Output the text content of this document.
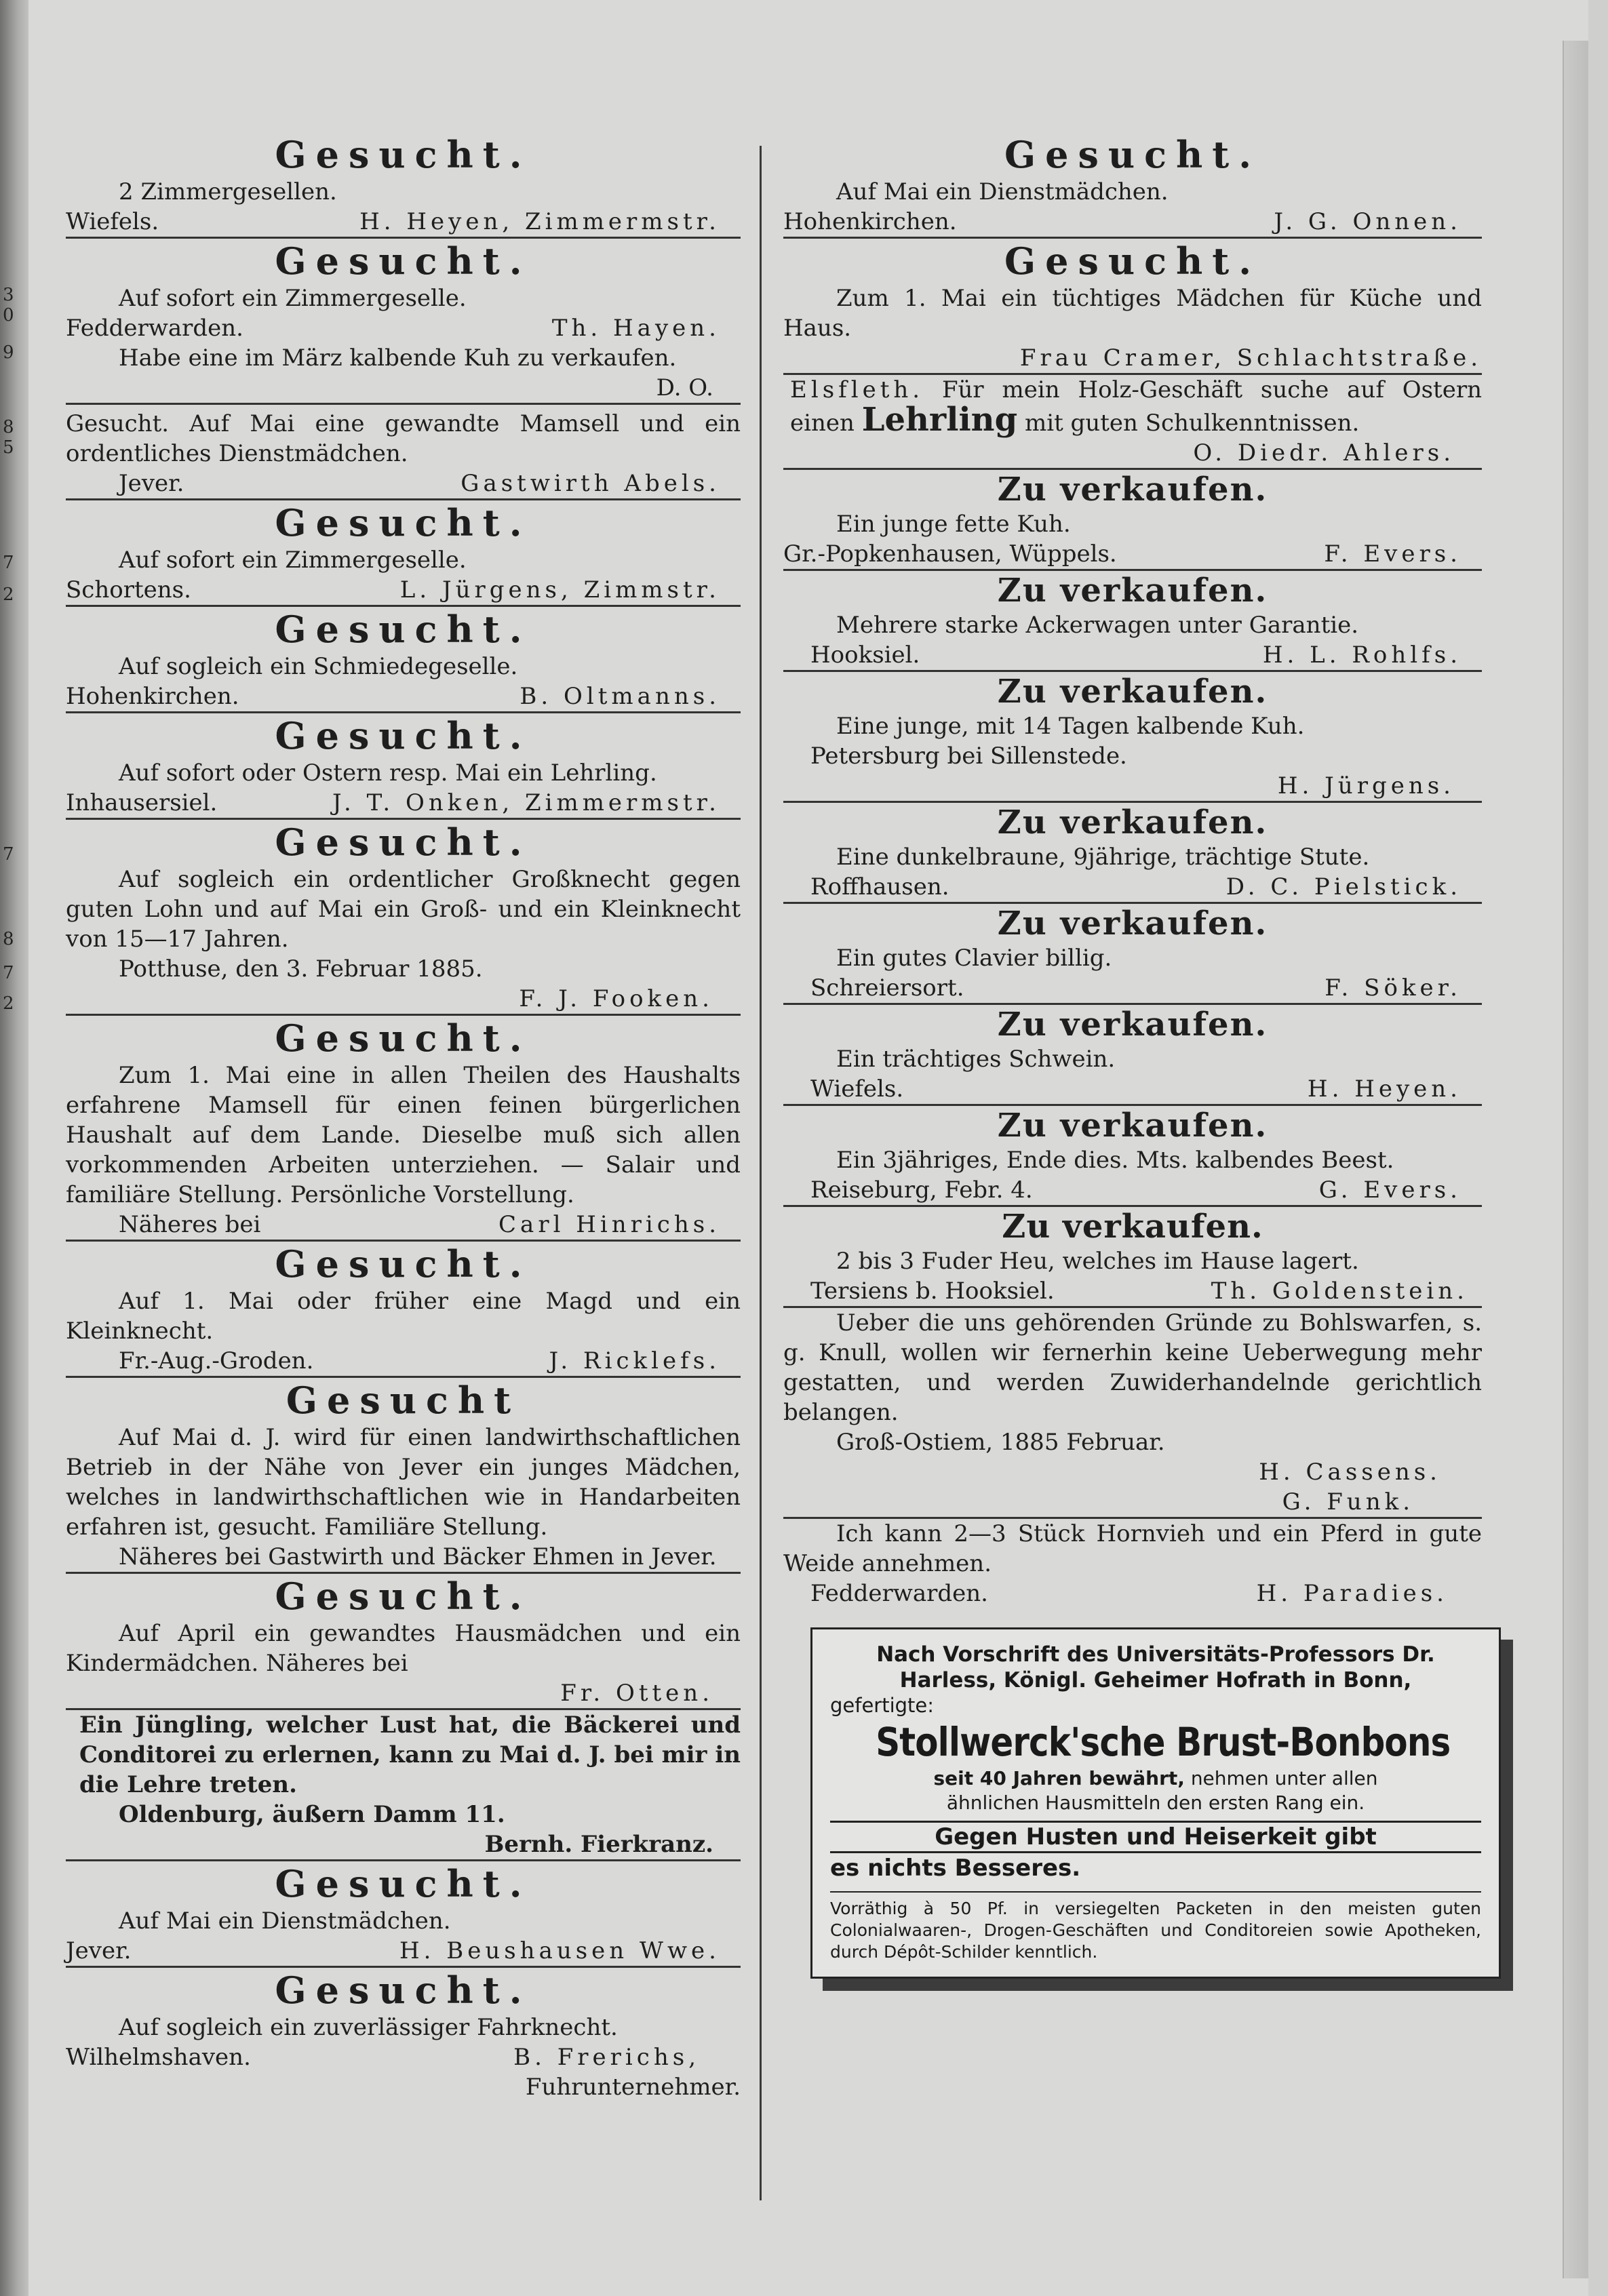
3
0
9
8
5
7
2
7
8
7
2
Gesucht.
2 Zimmergesellen.
Wiefels.	H. Heyen, Zimmermstr.
Gesucht.
Auf sofort ein Zimmergeselle.
Fedderwarden.	Th. Hayen.
Habe eine im März kalbende Kuh zu verkaufen.
D. O.
Gesucht. Auf Mai eine gewandte Mamsell und ein ordentliches Dienstmädchen.
Jever.	Gastwirth Abels.
Gesucht.
Auf sofort ein Zimmergeselle.
Schortens.	L. Jürgens, Zimmstr.
Gesucht.
Auf sogleich ein Schmiedegeselle.
Hohenkirchen.	B. Oltmanns.
Gesucht.
Auf sofort oder Ostern resp. Mai ein Lehrling.
Inhausersiel.	J. T. Onken, Zimmermstr.
Gesucht.
Auf sogleich ein ordentlicher Großknecht gegen guten Lohn und auf Mai ein Groß- und ein Kleinknecht von 15—17 Jahren.
Potthuse, den 3. Februar 1885.
F. J. Fooken.
Gesucht.
Zum 1. Mai eine in allen Theilen des Haushalts erfahrene Mamsell für einen feinen bürgerlichen Haushalt auf dem Lande. Dieselbe muß sich allen vorkommenden Arbeiten unterziehen. — Salair und familiäre Stellung. Persönliche Vorstellung.
Näheres bei	Carl Hinrichs.
Gesucht.
Auf 1. Mai oder früher eine Magd und ein Kleinknecht.
Fr.-Aug.-Groden.	J. Ricklefs.
Gesucht
Auf Mai d. J. wird für einen landwirthschaftlichen Betrieb in der Nähe von Jever ein junges Mädchen, welches in landwirthschaftlichen wie in Handarbeiten erfahren ist, gesucht. Familiäre Stellung.
Näheres bei Gastwirth und Bäcker Ehmen in Jever.
Gesucht.
Auf April ein gewandtes Hausmädchen und ein Kindermädchen. Näheres bei
Fr. Otten.
Ein Jüngling, welcher Lust hat, die Bäckerei und Conditorei zu erlernen, kann zu Mai d. J. bei mir in die Lehre treten.
Oldenburg, äußern Damm 11.
Bernh. Fierkranz.
Gesucht.
Auf Mai ein Dienstmädchen.
Jever.	H. Beushausen Wwe.
Gesucht.
Auf sogleich ein zuverlässiger Fahrknecht.
Wilhelmshaven.	B. Frerichs,
Fuhrunternehmer.
Gesucht.
Auf Mai ein Dienstmädchen.
Hohenkirchen.	J. G. Onnen.
Gesucht.
Zum 1. Mai ein tüchtiges Mädchen für Küche und Haus.
Frau Cramer, Schlachtstraße.
Elsfleth. Für mein Holz-Geschäft suche auf Ostern einen Lehrling mit guten Schulkenntnissen.
O. Diedr. Ahlers.
Zu verkaufen.
Ein junge fette Kuh.
Gr.-Popkenhausen, Wüppels.	F. Evers.
Zu verkaufen.
Mehrere starke Ackerwagen unter Garantie.
Hooksiel.	H. L. Rohlfs.
Zu verkaufen.
Eine junge, mit 14 Tagen kalbende Kuh.
Petersburg bei Sillenstede.
H. Jürgens.
Zu verkaufen.
Eine dunkelbraune, 9jährige, trächtige Stute.
Roffhausen.	D. C. Pielstick.
Zu verkaufen.
Ein gutes Clavier billig.
Schreiersort.	F. Söker.
Zu verkaufen.
Ein trächtiges Schwein.
Wiefels.	H. Heyen.
Zu verkaufen.
Ein 3jähriges, Ende dies. Mts. kalbendes Beest.
Reiseburg, Febr. 4.	G. Evers.
Zu verkaufen.
2 bis 3 Fuder Heu, welches im Hause lagert.
Tersiens b. Hooksiel.	Th. Goldenstein.
Ueber die uns gehörenden Gründe zu Bohlswarfen, s. g. Knull, wollen wir fernerhin keine Ueberwegung mehr gestatten, und werden Zuwiderhandelnde gerichtlich belangen.
Groß-Ostiem, 1885 Februar.
H. Cassens.
G. Funk.
Ich kann 2—3 Stück Hornvieh und ein Pferd in gute Weide annehmen.
Fedderwarden.	H. Paradies.
Nach Vorschrift des Universitäts-Professors Dr.
Harless, Königl. Geheimer Hofrath in Bonn,
gefertigte:
Stollwerck'sche Brust-Bonbons
seit 40 Jahren bewährt, nehmen unter allen
ähnlichen Hausmitteln den ersten Rang ein.
Gegen Husten und Heiserkeit gibt
es nichts Besseres.
Vorräthig à 50 Pf. in versiegelten Packeten in den meisten guten Colonialwaaren-, Drogen-Geschäften und Conditoreien sowie Apotheken, durch Dépôt-Schilder kenntlich.
